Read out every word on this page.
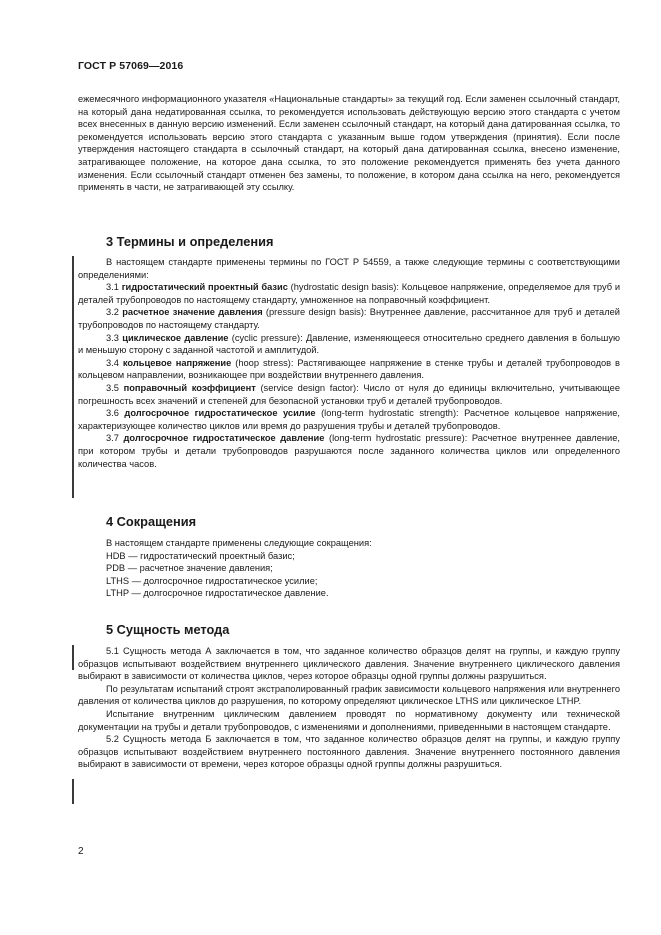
ГОСТ Р 57069—2016

ежемесячного информационного указателя «Национальные стандарты» за текущий год. Если заменен ссылочный стандарт, на который дана недатированная ссылка, то рекомендуется использовать действующую версию этого стандарта с учетом всех внесенных в данную версию изменений. Если заменен ссылочный стандарт, на который дана датированная ссылка, то рекомендуется использовать версию этого стандарта с указанным выше годом утверждения (принятия). Если после утверждения настоящего стандарта в ссылочный стандарт, на который дана датированная ссылка, внесено изменение, затрагивающее положение, на которое дана ссылка, то это положение рекомендуется применять без учета данного изменения. Если ссылочный стандарт отменен без замены, то положение, в котором дана ссылка на него, рекомендуется применять в части, не затрагивающей эту ссылку.

3 Термины и определения

В настоящем стандарте применены термины по ГОСТ Р 54559, а также следующие термины с соответствующими определениями:

3.1 гидростатический проектный базис (hydrostatic design basis): Кольцевое напряжение, определяемое для труб и деталей трубопроводов по настоящему стандарту, умноженное на поправочный коэффициент.

3.2 расчетное значение давления (pressure design basis): Внутреннее давление, рассчитанное для труб и деталей трубопроводов по настоящему стандарту.

3.3 циклическое давление (cyclic pressure): Давление, изменяющееся относительно среднего давления в большую и меньшую сторону с заданной частотой и амплитудой.

3.4 кольцевое напряжение (hoop stress): Растягивающее напряжение в стенке трубы и деталей трубопроводов в кольцевом направлении, возникающее при воздействии внутреннего давления.

3.5 поправочный коэффициент (service design factor): Число от нуля до единицы включительно, учитывающее погрешность всех значений и степеней для безопасной установки труб и деталей трубопроводов.

3.6 долгосрочное гидростатическое усилие (long-term hydrostatic strength): Расчетное кольцевое напряжение, характеризующее количество циклов или время до разрушения трубы и деталей трубопроводов.

3.7 долгосрочное гидростатическое давление (long-term hydrostatic pressure): Расчетное внутреннее давление, при котором трубы и детали трубопроводов разрушаются после заданного количества циклов или определенного количества часов.

4 Сокращения

В настоящем стандарте применены следующие сокращения:

HDB — гидростатический проектный базис;

PDB — расчетное значение давления;

LTHS — долгосрочное гидростатическое усилие;

LTHP — долгосрочное гидростатическое давление.

5 Сущность метода

5.1 Сущность метода А заключается в том, что заданное количество образцов делят на группы, и каждую группу образцов испытывают воздействием внутреннего циклического давления. Значение внутреннего циклического давления выбирают в зависимости от количества циклов, через которое образцы одной группы должны разрушиться.

По результатам испытаний строят экстраполированный график зависимости кольцевого напряжения или внутреннего давления от количества циклов до разрушения, по которому определяют циклическое LTHS или циклическое LTHP.

Испытание внутренним циклическим давлением проводят по нормативному документу или технической документации на трубы и детали трубопроводов, с изменениями и дополнениями, приведенными в настоящем стандарте.

5.2 Сущность метода Б заключается в том, что заданное количество образцов делят на группы, и каждую группу образцов испытывают воздействием внутреннего постоянного давления. Значение внутреннего постоянного давления выбирают в зависимости от времени, через которое образцы одной группы должны разрушиться.

2
